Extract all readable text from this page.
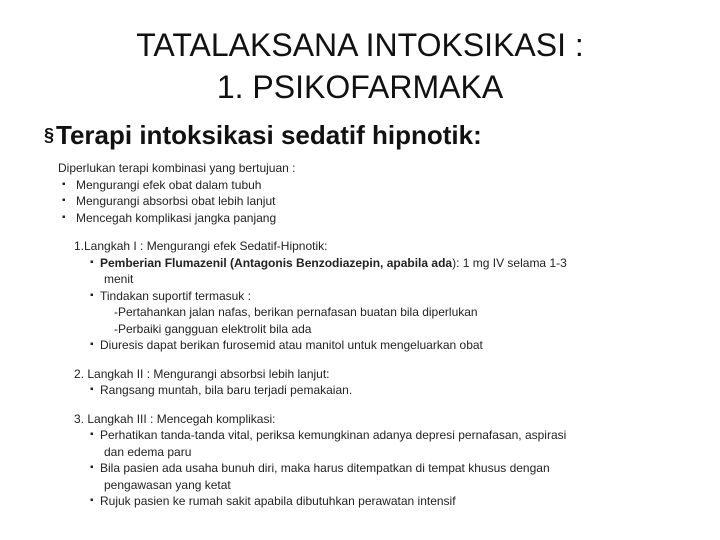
TATALAKSANA INTOKSIKASI :
1. PSIKOFARMAKA
§Terapi intoksikasi sedatif hipnotik:
Diperlukan terapi kombinasi yang bertujuan :
▪ Mengurangi efek obat dalam tubuh
▪ Mengurangi absorbsi obat lebih lanjut
▪ Mencegah komplikasi jangka panjang
1.Langkah I : Mengurangi efek Sedatif-Hipnotik:
▪ Pemberian Flumazenil (Antagonis Benzodiazepin, apabila ada): 1 mg IV selama 1-3
menit
▪ Tindakan suportif termasuk :
-Pertahankan jalan nafas, berikan pernafasan buatan bila diperlukan
-Perbaiki gangguan elektrolit bila ada
▪ Diuresis dapat berikan furosemid atau manitol untuk mengeluarkan obat
2. Langkah II : Mengurangi absorbsi lebih lanjut:
▪ Rangsang muntah, bila baru terjadi pemakaian.
3. Langkah III : Mencegah komplikasi:
▪ Perhatikan tanda-tanda vital, periksa kemungkinan adanya depresi pernafasan, aspirasi
dan edema paru
▪ Bila pasien ada usaha bunuh diri, maka harus ditempatkan di tempat khusus dengan
pengawasan yang ketat
▪ Rujuk pasien ke rumah sakit apabila dibutuhkan perawatan intensif
